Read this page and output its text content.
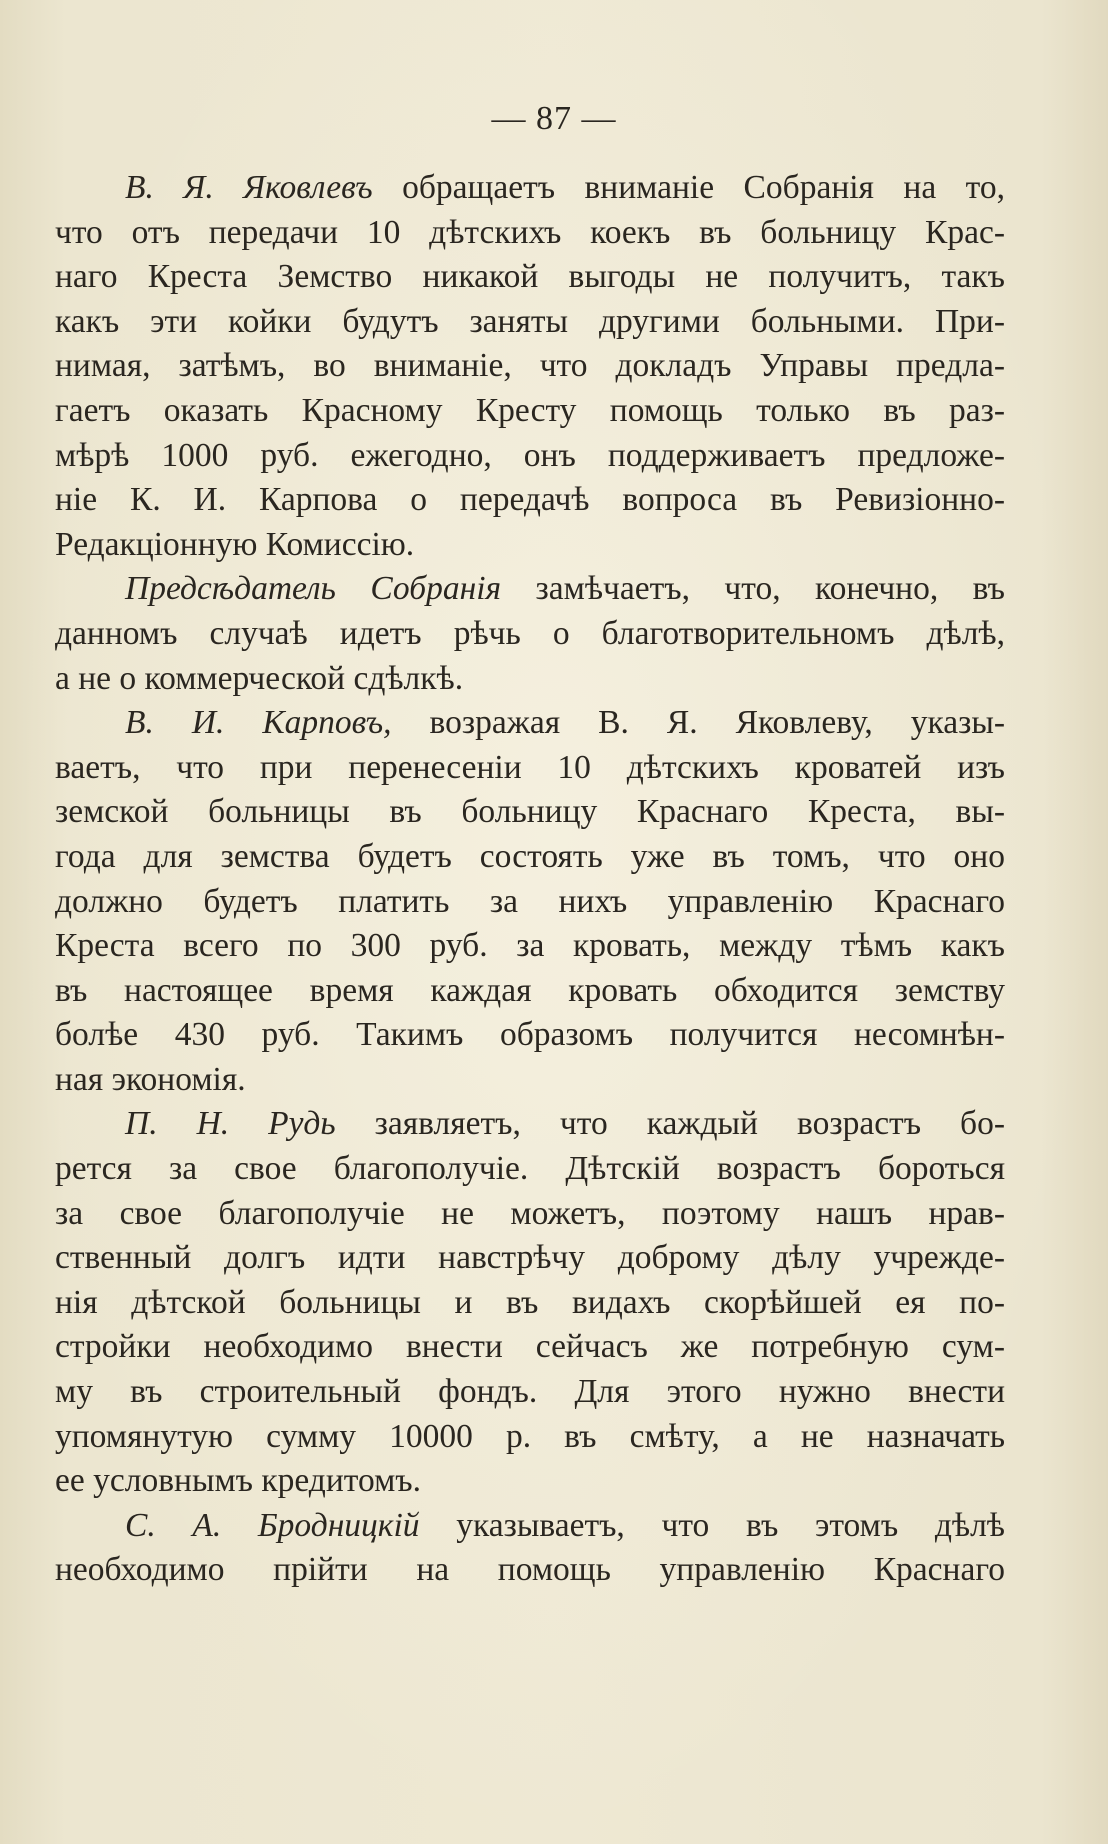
— 87 —
В. Я. Яковлевъ обращаетъ вниманіе Собранія на то,
что отъ передачи 10 дѣтскихъ коекъ въ больницу Крас-
наго Креста Земство никакой выгоды не получитъ, такъ
какъ эти койки будутъ заняты другими больными. При-
нимая, затѣмъ, во вниманіе, что докладъ Управы предла-
гаетъ оказать Красному Кресту помощь только въ раз-
мѣрѣ 1000 руб. ежегодно, онъ поддерживаетъ предложе-
ніе К. И. Карпова о передачѣ вопроса въ Ревизіонно-
Редакціонную Комиссію.
Предсѣдатель Собранія замѣчаетъ, что, конечно, въ
данномъ случаѣ идетъ рѣчь о благотворительномъ дѣлѣ,
а не о коммерческой сдѣлкѣ.
В. И. Карповъ, возражая В. Я. Яковлеву, указы-
ваетъ, что при перенесеніи 10 дѣтскихъ кроватей изъ
земской больницы въ больницу Краснаго Креста, вы-
года для земства будетъ состоять уже въ томъ, что оно
должно будетъ платить за нихъ управленію Краснаго
Креста всего по 300 руб. за кровать, между тѣмъ какъ
въ настоящее время каждая кровать обходится земству
болѣе 430 руб. Такимъ образомъ получится несомнѣн-
ная экономія.
П. Н. Рудь заявляетъ, что каждый возрастъ бо-
рется за свое благополучіе. Дѣтскій возрастъ бороться
за свое благополучіе не можетъ, поэтому нашъ нрав-
ственный долгъ идти навстрѣчу доброму дѣлу учрежде-
нія дѣтской больницы и въ видахъ скорѣйшей ея по-
стройки необходимо внести сейчасъ же потребную сум-
му въ строительный фондъ. Для этого нужно внести
упомянутую сумму 10000 р. въ смѣту, а не назначать
ее условнымъ кредитомъ.
С. А. Бродницкій указываетъ, что въ этомъ дѣлѣ
необходимо прійти на помощь управленію Краснаго
